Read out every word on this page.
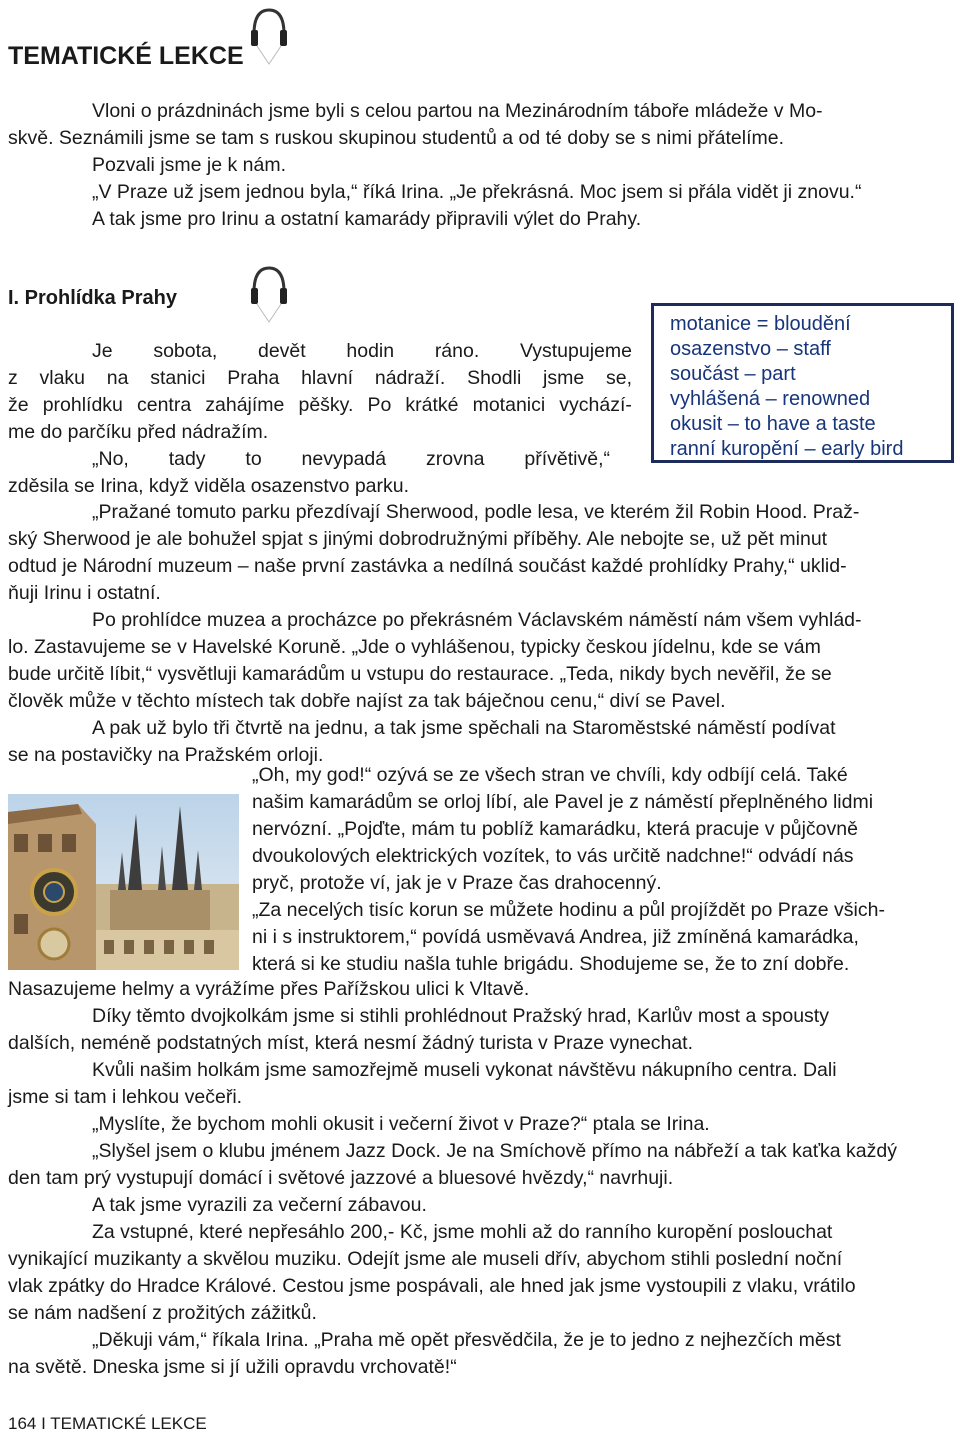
TEMATICKÉ LEKCE
Vloni o prázdninách jsme byli s celou partou na Mezinárodním táboře mládeže v Mo-
skvě. Seznámili jsme se tam s ruskou skupinou studentů a od té doby se s nimi přátelíme.
Pozvali jsme je k nám.
„V Praze už jsem jednou byla,“ říká Irina. „Je překrásná. Moc jsem si přála vidět ji znovu.“
A tak jsme pro Irinu a ostatní kamarády připravili výlet do Prahy.
I. Prohlídka Prahy
motanice = bloudění
osazenstvo – staff
součást – part
vyhlášená – renowned
okusit – to have a taste
ranní kuropění – early bird
Je sobota, devět hodin ráno. Vystupujeme
z vlaku na stanici Praha hlavní nádraží. Shodli jsme se,
že prohlídku centra zahájíme pěšky. Po krátké motanici vychází-
me do parčíku před nádražím.
„No, tady to nevypadá zrovna přívětivě,“
zděsila se Irina, když viděla osazenstvo parku.
„Pražané tomuto parku přezdívají Sherwood, podle lesa, ve kterém žil Robin Hood. Praž-
ský Sherwood je ale bohužel spjat s jinými dobrodružnými příběhy. Ale nebojte se, už pět minut
odtud je Národní muzeum – naše první zastávka a nedílná součást každé prohlídky Prahy,“ uklid-
ňuji Irinu i ostatní.
Po prohlídce muzea a procházce po překrásném Václavském náměstí nám všem vyhlád-
lo. Zastavujeme se v Havelské Koruně. „Jde o vyhlášenou, typicky českou jídelnu, kde se vám
bude určitě líbit,“ vysvětluji kamarádům u vstupu do restaurace. „Teda, nikdy bych nevěřil, že se
člověk může v těchto místech tak dobře najíst za tak báječnou cenu,“ diví se Pavel.
A pak už bylo tři čtvrtě na jednu, a tak jsme spěchali na Staroměstské náměstí podívat
se na postavičky na Pražském orloji.
„Oh, my god!“ ozývá se ze všech stran ve chvíli, kdy odbíjí celá. Také
našim kamarádům se orloj líbí, ale Pavel je z náměstí přeplněného lidmi
nervózní. „Pojďte, mám tu poblíž kamarádku, která pracuje v půjčovně
dvoukolových elektrických vozítek, to vás určitě nadchne!“ odvádí nás
pryč, protože ví, jak je v Praze čas drahocenný.
„Za necelých tisíc korun se můžete hodinu a půl projíždět po Praze všich-
ni i s instruktorem,“ povídá usměvavá Andrea, již zmíněná kamarádka,
která si ke studiu našla tuhle brigádu. Shodujeme se, že to zní dobře.
Nasazujeme helmy a vyrážíme přes Pařížskou ulici k Vltavě.
Díky těmto dvojkolkám jsme si stihli prohlédnout Pražský hrad, Karlův most a spousty
dalších, neméně podstatných míst, která nesmí žádný turista v Praze vynechat.
Kvůli našim holkám jsme samozřejmě museli vykonat návštěvu nákupního centra. Dali
jsme si tam i lehkou večeři.
„Myslíte, že bychom mohli okusit i večerní život v Praze?“ ptala se Irina.
„Slyšel jsem o klubu jménem Jazz Dock. Je na Smíchově přímo na nábřeží a tak kaťka každý
den tam prý vystupují domácí i světové jazzové a bluesové hvězdy,“ navrhuji.
A tak jsme vyrazili za večerní zábavou.
Za vstupné, které nepřesáhlo 200,- Kč, jsme mohli až do ranního kuropění poslouchat
vynikající muzikanty a skvělou muziku. Odejít jsme ale museli dřív, abychom stihli poslední noční
vlak zpátky do Hradce Králové. Cestou jsme pospávali, ale hned jak jsme vystoupili z vlaku, vrátilo
se nám nadšení z prožitých zážitků.
„Děkuji vám,“ říkala Irina. „Praha mě opět přesvědčila, že je to jedno z nejhezčích měst
na světě. Dneska jsme si jí užili opravdu vrchovatě!“
164 I TEMATICKÉ LEKCE
